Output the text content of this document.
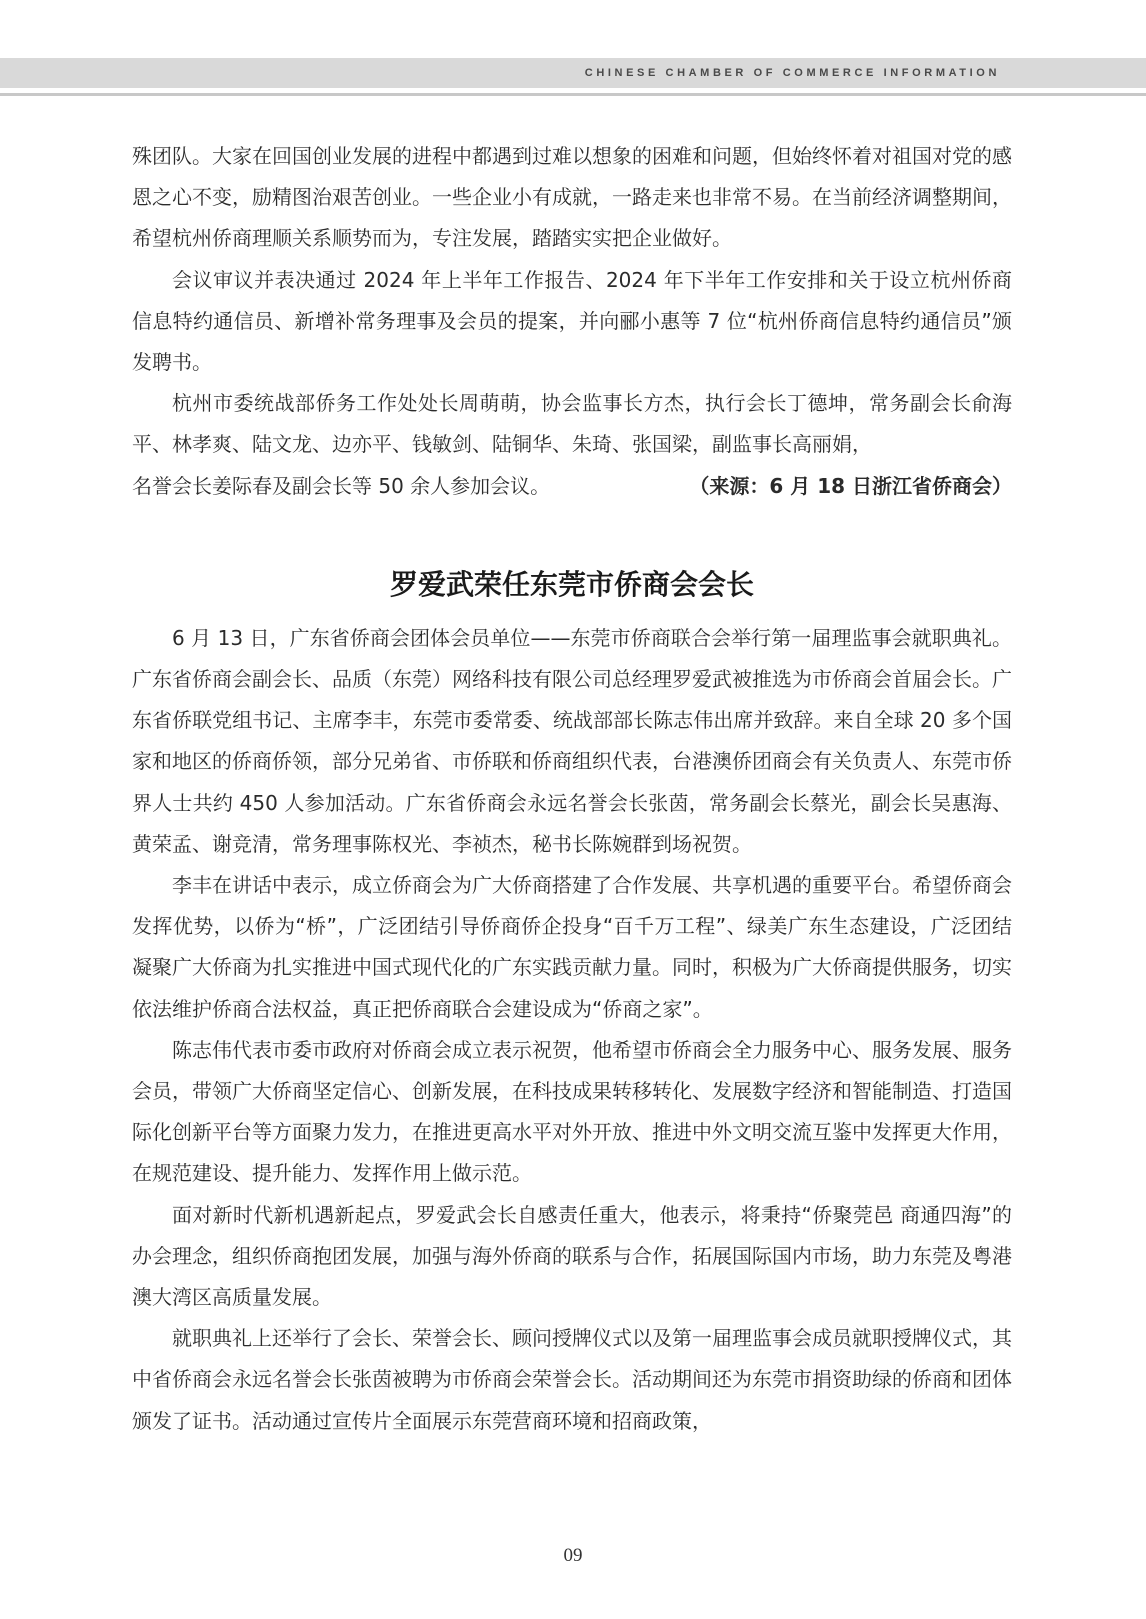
CHINESE CHAMBER OF COMMERCE INFORMATION

殊团队。大家在回国创业发展的进程中都遇到过难以想象的困难和问题，但始终怀着对祖国对党的感恩之心不变，励精图治艰苦创业。一些企业小有成就，一路走来也非常不易。在当前经济调整期间，希望杭州侨商理顺关系顺势而为，专注发展，踏踏实实把企业做好。

会议审议并表决通过 2024 年上半年工作报告、2024 年下半年工作安排和关于设立杭州侨商信息特约通信员、新增补常务理事及会员的提案，并向郦小惠等 7 位“杭州侨商信息特约通信员”颁发聘书。

杭州市委统战部侨务工作处处长周萌萌，协会监事长方杰，执行会长丁德坤，常务副会长俞海平、林孝爽、陆文龙、边亦平、钱敏剑、陆铜华、朱琦、张国梁，副监事长高丽娟，

名誉会长姜际春及副会长等 50 余人参加会议。	（来源：6 月 18 日浙江省侨商会）
罗爱武荣任东莞市侨商会会长

6 月 13 日，广东省侨商会团体会员单位——东莞市侨商联合会举行第一届理监事会就职典礼。广东省侨商会副会长、品质（东莞）网络科技有限公司总经理罗爱武被推选为市侨商会首届会长。广东省侨联党组书记、主席李丰，东莞市委常委、统战部部长陈志伟出席并致辞。来自全球 20 多个国家和地区的侨商侨领，部分兄弟省、市侨联和侨商组织代表，台港澳侨团商会有关负责人、东莞市侨界人士共约 450 人参加活动。广东省侨商会永远名誉会长张茵，常务副会长蔡光，副会长吴惠海、黄荣孟、谢竞清，常务理事陈权光、李祯杰，秘书长陈婉群到场祝贺。

李丰在讲话中表示，成立侨商会为广大侨商搭建了合作发展、共享机遇的重要平台。希望侨商会发挥优势，以侨为“桥”，广泛团结引导侨商侨企投身“百千万工程”、绿美广东生态建设，广泛团结凝聚广大侨商为扎实推进中国式现代化的广东实践贡献力量。同时，积极为广大侨商提供服务，切实依法维护侨商合法权益，真正把侨商联合会建设成为“侨商之家”。

陈志伟代表市委市政府对侨商会成立表示祝贺，他希望市侨商会全力服务中心、服务发展、服务会员，带领广大侨商坚定信心、创新发展，在科技成果转移转化、发展数字经济和智能制造、打造国际化创新平台等方面聚力发力，在推进更高水平对外开放、推进中外文明交流互鉴中发挥更大作用，在规范建设、提升能力、发挥作用上做示范。

面对新时代新机遇新起点，罗爱武会长自感责任重大，他表示，将秉持“侨聚莞邑 商通四海”的办会理念，组织侨商抱团发展，加强与海外侨商的联系与合作，拓展国际国内市场，助力东莞及粤港澳大湾区高质量发展。

就职典礼上还举行了会长、荣誉会长、顾问授牌仪式以及第一届理监事会成员就职授牌仪式，其中省侨商会永远名誉会长张茵被聘为市侨商会荣誉会长。活动期间还为东莞市捐资助绿的侨商和团体颁发了证书。活动通过宣传片全面展示东莞营商环境和招商政策，

09
